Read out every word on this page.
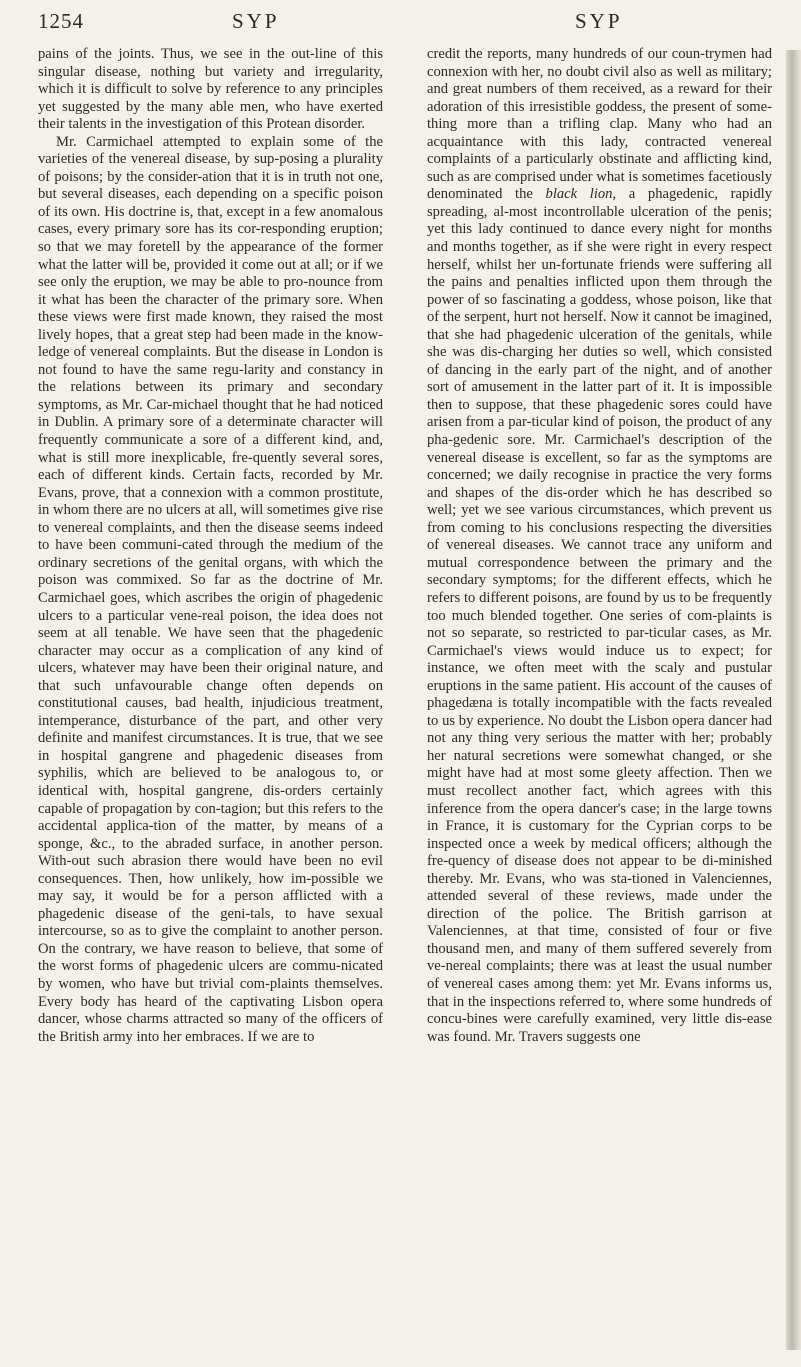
1254	SYP	SYP

pains of the joints. Thus, we see in the out-line of this singular disease, nothing but variety and irregularity, which it is difficult to solve by reference to any principles yet suggested by the many able men, who have exerted their talents in the investigation of this Protean disorder.

Mr. Carmichael attempted to explain some of the varieties of the venereal disease, by sup-posing a plurality of poisons; by the consider-ation that it is in truth not one, but several diseases, each depending on a specific poison of its own. His doctrine is, that, except in a few anomalous cases, every primary sore has its cor-responding eruption; so that we may foretell by the appearance of the former what the latter will be, provided it come out at all; or if we see only the eruption, we may be able to pro-nounce from it what has been the character of the primary sore. When these views were first made known, they raised the most lively hopes, that a great step had been made in the know-ledge of venereal complaints. But the disease in London is not found to have the same regu-larity and constancy in the relations between its primary and secondary symptoms, as Mr. Car-michael thought that he had noticed in Dublin. A primary sore of a determinate character will frequently communicate a sore of a different kind, and, what is still more inexplicable, fre-quently several sores, each of different kinds. Certain facts, recorded by Mr. Evans, prove, that a connexion with a common prostitute, in whom there are no ulcers at all, will sometimes give rise to venereal complaints, and then the disease seems indeed to have been communi-cated through the medium of the ordinary secretions of the genital organs, with which the poison was commixed. So far as the doctrine of Mr. Carmichael goes, which ascribes the origin of phagedenic ulcers to a particular vene-real poison, the idea does not seem at all tenable. We have seen that the phagedenic character may occur as a complication of any kind of ulcers, whatever may have been their original nature, and that such unfavourable change often depends on constitutional causes, bad health, injudicious treatment, intemperance, disturbance of the part, and other very definite and manifest circumstances. It is true, that we see in hospital gangrene and phagedenic diseases from syphilis, which are believed to be analogous to, or identical with, hospital gangrene, dis-orders certainly capable of propagation by con-tagion; but this refers to the accidental applica-tion of the matter, by means of a sponge, &c., to the abraded surface, in another person. With-out such abrasion there would have been no evil consequences. Then, how unlikely, how im-possible we may say, it would be for a person afflicted with a phagedenic disease of the geni-tals, to have sexual intercourse, so as to give the complaint to another person. On the contrary, we have reason to believe, that some of the worst forms of phagedenic ulcers are commu-nicated by women, who have but trivial com-plaints themselves. Every body has heard of the captivating Lisbon opera dancer, whose charms attracted so many of the officers of the British army into her embraces. If we are to

credit the reports, many hundreds of our coun-trymen had connexion with her, no doubt civil also as well as military; and great numbers of them received, as a reward for their adoration of this irresistible goddess, the present of some-thing more than a trifling clap. Many who had an acquaintance with this lady, contracted venereal complaints of a particularly obstinate and afflicting kind, such as are comprised under what is sometimes facetiously denominated the black lion, a phagedenic, rapidly spreading, al-most incontrollable ulceration of the penis; yet this lady continued to dance every night for months and months together, as if she were right in every respect herself, whilst her un-fortunate friends were suffering all the pains and penalties inflicted upon them through the power of so fascinating a goddess, whose poison, like that of the serpent, hurt not herself. Now it cannot be imagined, that she had phagedenic ulceration of the genitals, while she was dis-charging her duties so well, which consisted of dancing in the early part of the night, and of another sort of amusement in the latter part of it. It is impossible then to suppose, that these phagedenic sores could have arisen from a par-ticular kind of poison, the product of any pha-gedenic sore. Mr. Carmichael's description of the venereal disease is excellent, so far as the symptoms are concerned; we daily recognise in practice the very forms and shapes of the dis-order which he has described so well; yet we see various circumstances, which prevent us from coming to his conclusions respecting the diversities of venereal diseases. We cannot trace any uniform and mutual correspondence between the primary and the secondary symptoms; for the different effects, which he refers to different poisons, are found by us to be frequently too much blended together. One series of com-plaints is not so separate, so restricted to par-ticular cases, as Mr. Carmichael's views would induce us to expect; for instance, we often meet with the scaly and pustular eruptions in the same patient. His account of the causes of phagedæna is totally incompatible with the facts revealed to us by experience. No doubt the Lisbon opera dancer had not any thing very serious the matter with her; probably her natural secretions were somewhat changed, or she might have had at most some gleety affection. Then we must recollect another fact, which agrees with this inference from the opera dancer's case; in the large towns in France, it is customary for the Cyprian corps to be inspected once a week by medical officers; although the fre-quency of disease does not appear to be di-minished thereby. Mr. Evans, who was sta-tioned in Valenciennes, attended several of these reviews, made under the direction of the police. The British garrison at Valenciennes, at that time, consisted of four or five thousand men, and many of them suffered severely from ve-nereal complaints; there was at least the usual number of venereal cases among them: yet Mr. Evans informs us, that in the inspections referred to, where some hundreds of concu-bines were carefully examined, very little dis-ease was found. Mr. Travers suggests one
